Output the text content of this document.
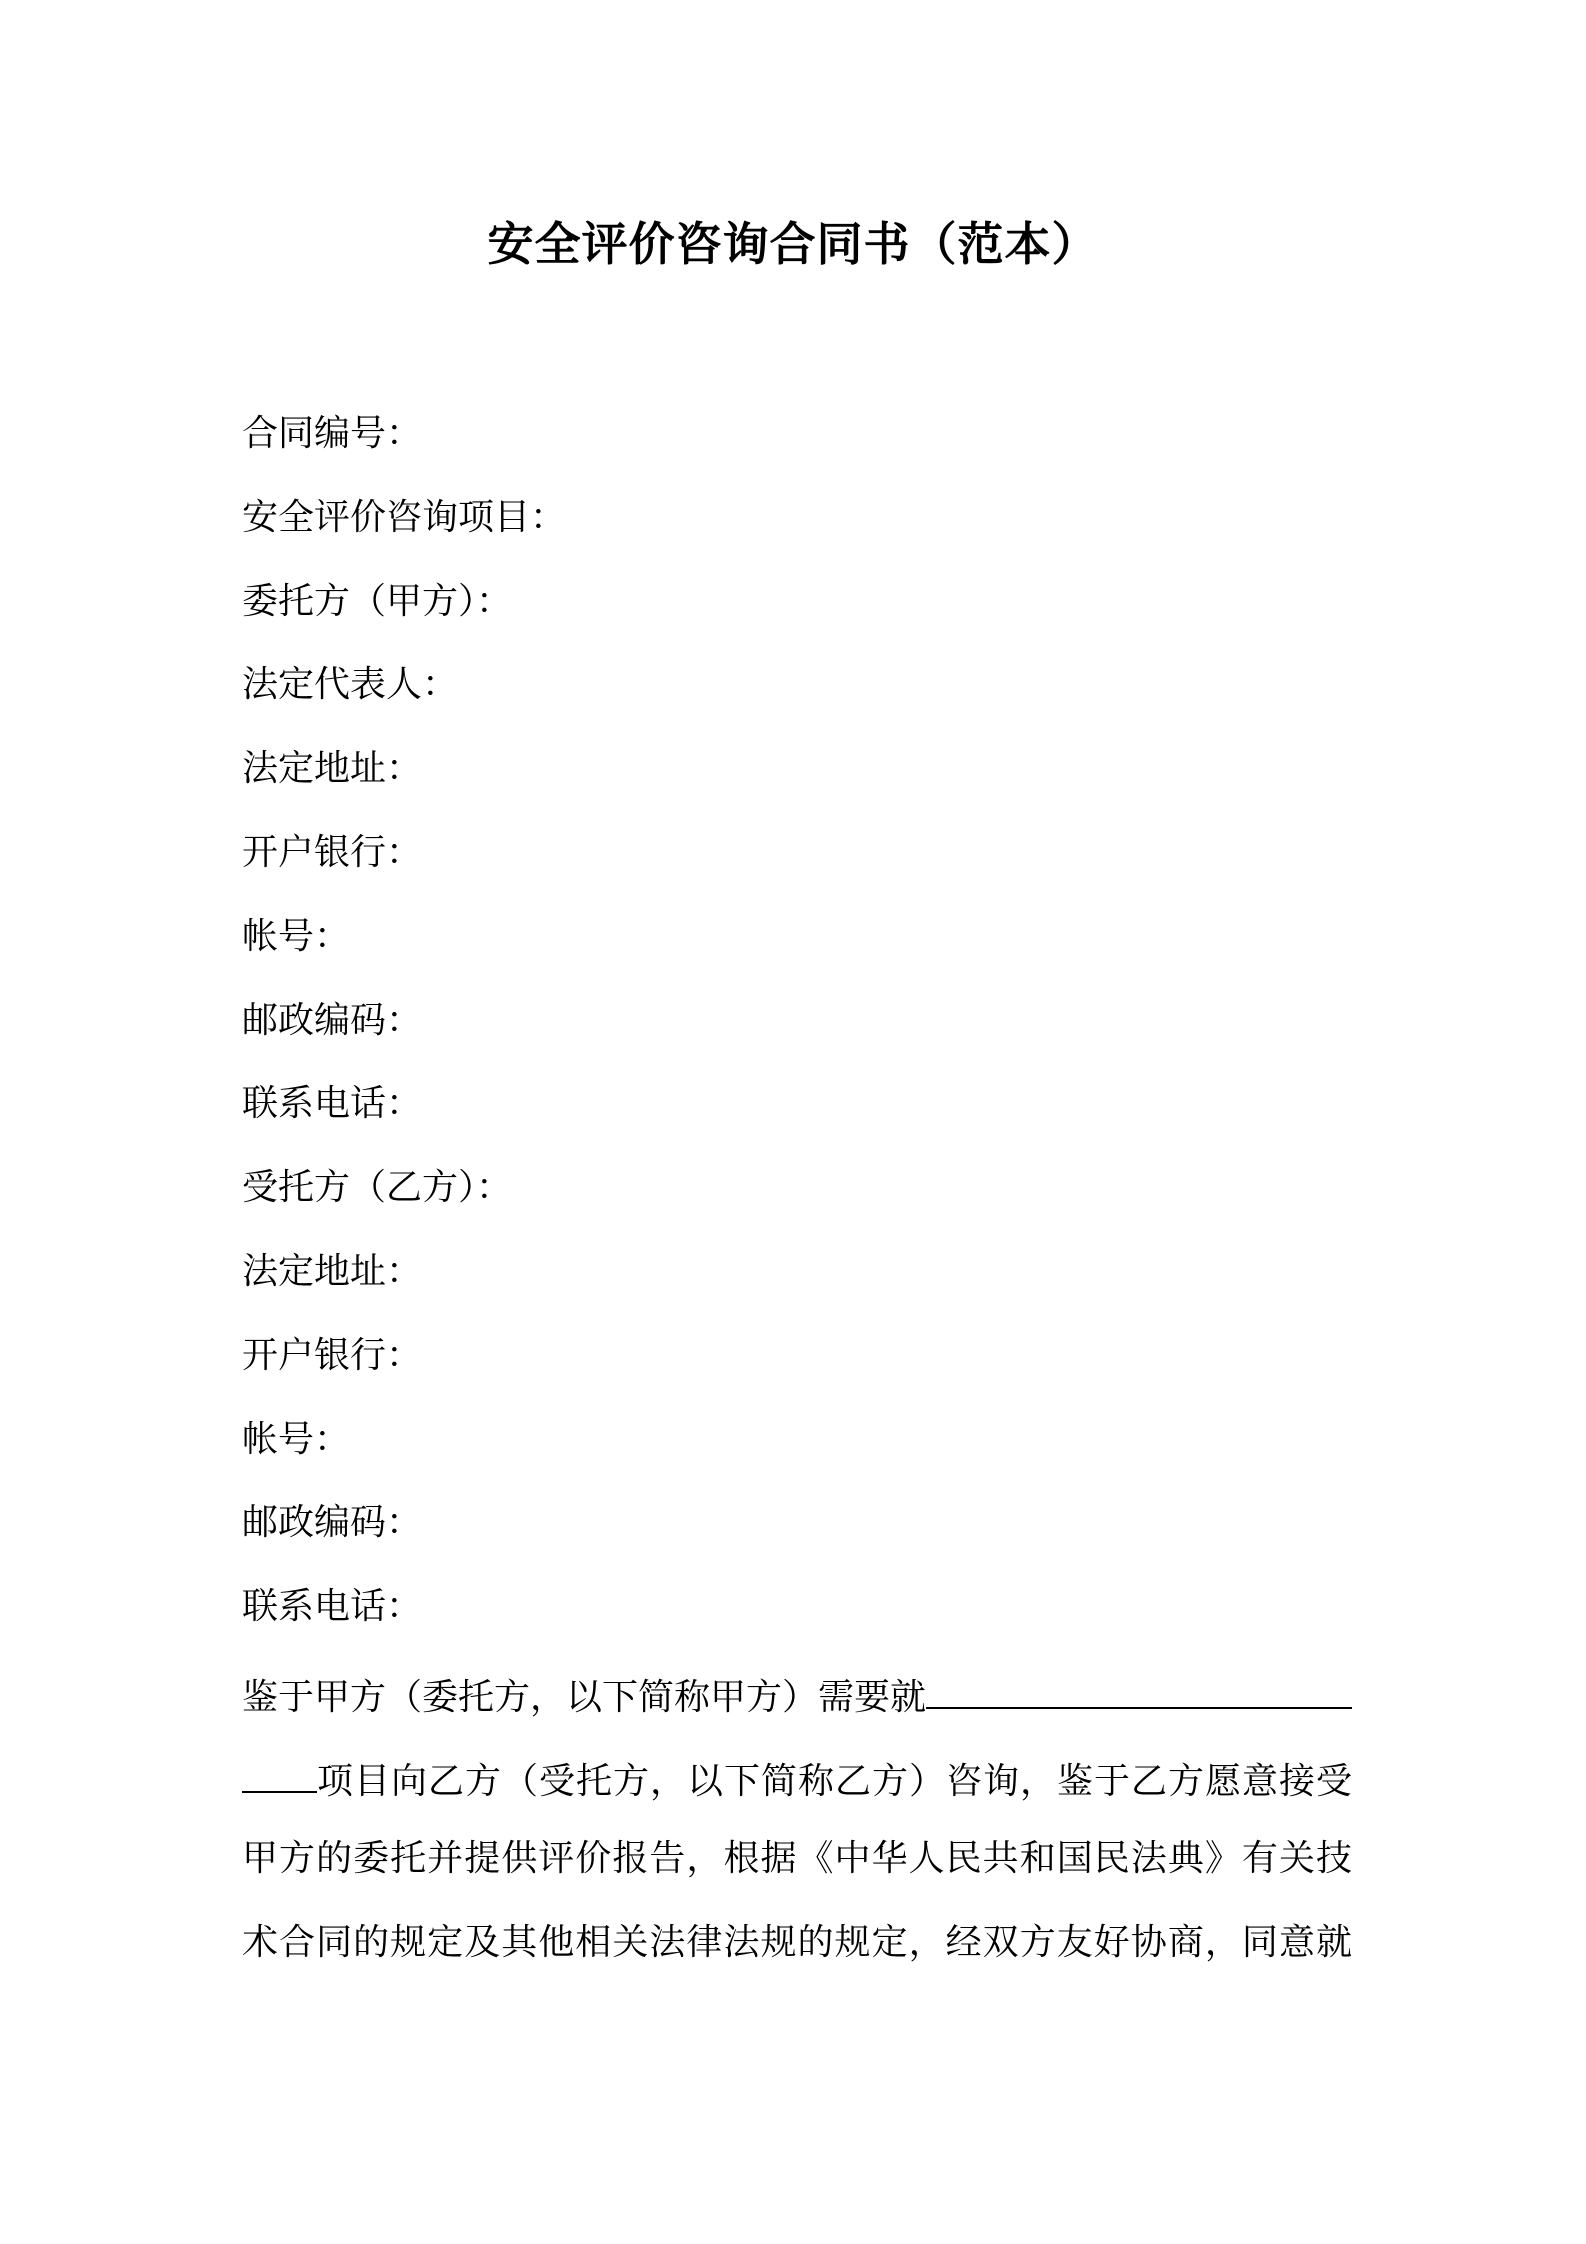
安全评价咨询合同书（范本）
合同编号：
安全评价咨询项目：
委托方（甲方）：
法定代表人：
法定地址：
开户银行：
帐号：
邮政编码：
联系电话：
受托方（乙方）：
法定地址：
开户银行：
帐号：
邮政编码：
联系电话：
鉴于甲方（委托方，以下简称甲方）需要就
项目向乙方（受托方，以下简称乙方）咨询，鉴于乙方愿意接受
甲方的委托并提供评价报告，根据《中华人民共和国民法典》有关技
术合同的规定及其他相关法律法规的规定，经双方友好协商，同意就
